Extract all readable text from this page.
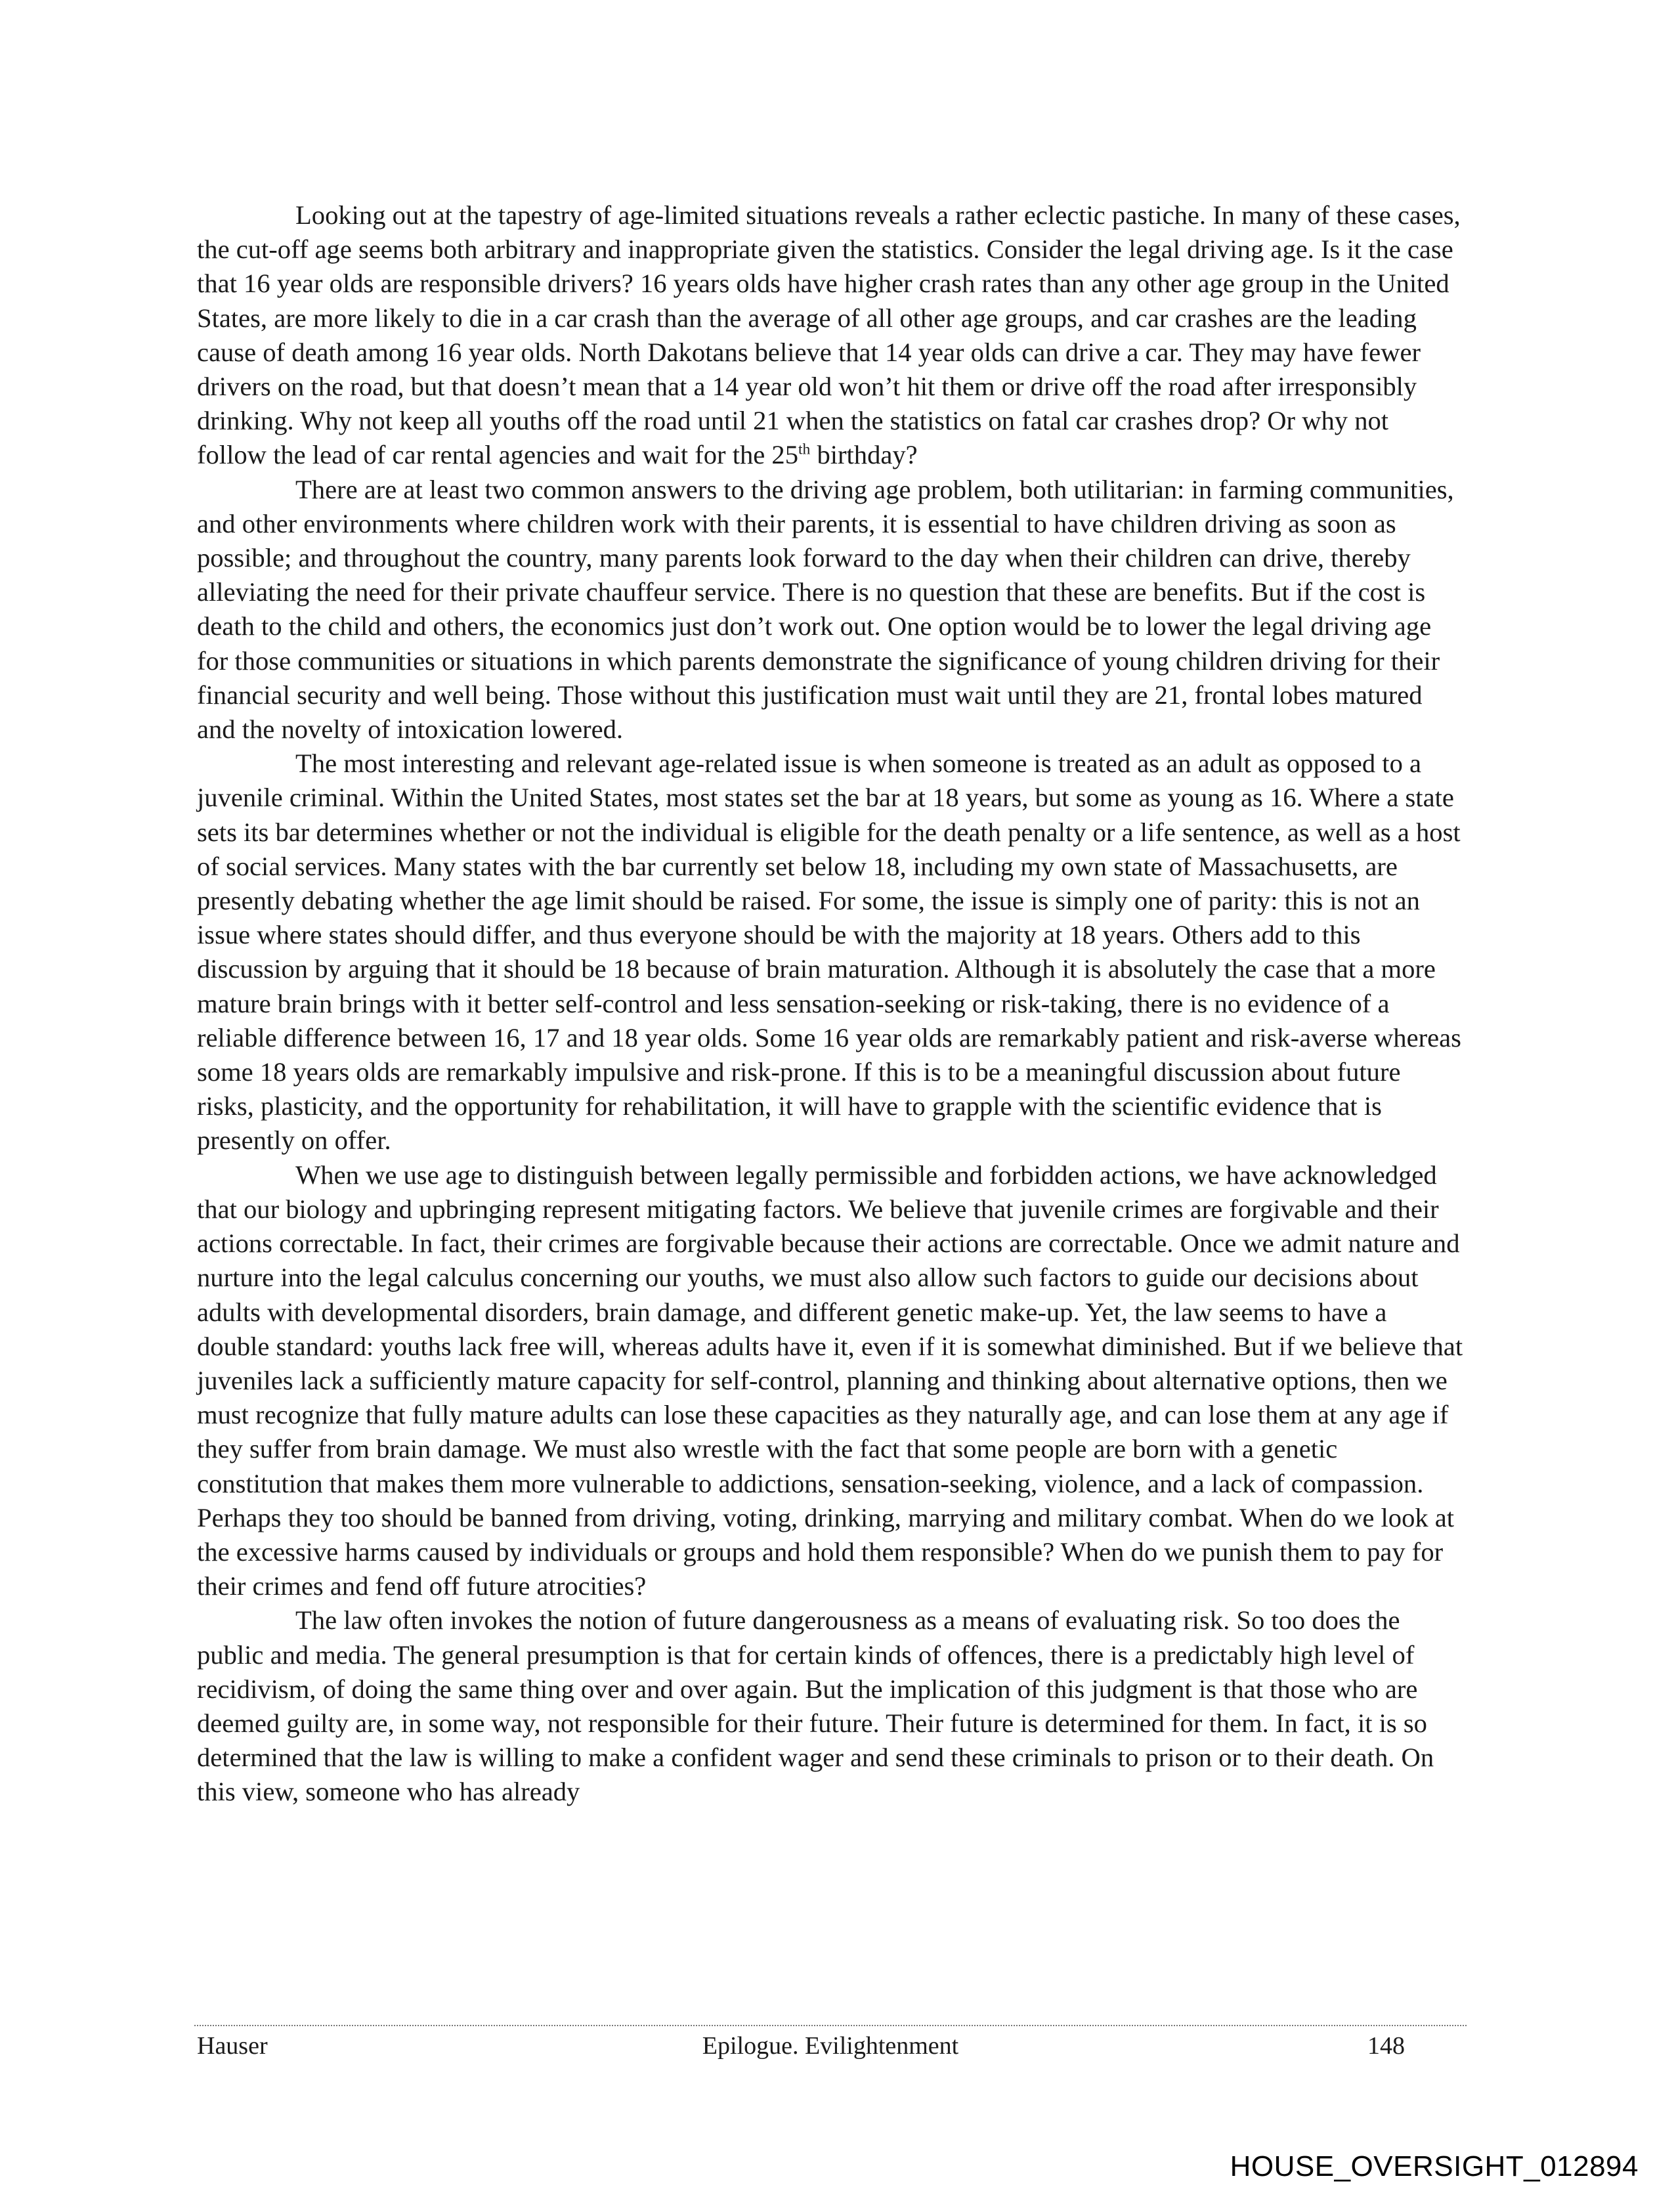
Looking out at the tapestry of age-limited situations reveals a rather eclectic pastiche. In many of these cases, the cut-off age seems both arbitrary and inappropriate given the statistics. Consider the legal driving age. Is it the case that 16 year olds are responsible drivers? 16 years olds have higher crash rates than any other age group in the United States, are more likely to die in a car crash than the average of all other age groups, and car crashes are the leading cause of death among 16 year olds. North Dakotans believe that 14 year olds can drive a car. They may have fewer drivers on the road, but that doesn’t mean that a 14 year old won’t hit them or drive off the road after irresponsibly drinking. Why not keep all youths off the road until 21 when the statistics on fatal car crashes drop? Or why not follow the lead of car rental agencies and wait for the 25th birthday?

There are at least two common answers to the driving age problem, both utilitarian: in farming communities, and other environments where children work with their parents, it is essential to have children driving as soon as possible; and throughout the country, many parents look forward to the day when their children can drive, thereby alleviating the need for their private chauffeur service. There is no question that these are benefits. But if the cost is death to the child and others, the economics just don’t work out. One option would be to lower the legal driving age for those communities or situations in which parents demonstrate the significance of young children driving for their financial security and well being. Those without this justification must wait until they are 21, frontal lobes matured and the novelty of intoxication lowered.

The most interesting and relevant age-related issue is when someone is treated as an adult as opposed to a juvenile criminal. Within the United States, most states set the bar at 18 years, but some as young as 16. Where a state sets its bar determines whether or not the individual is eligible for the death penalty or a life sentence, as well as a host of social services. Many states with the bar currently set below 18, including my own state of Massachusetts, are presently debating whether the age limit should be raised. For some, the issue is simply one of parity: this is not an issue where states should differ, and thus everyone should be with the majority at 18 years. Others add to this discussion by arguing that it should be 18 because of brain maturation. Although it is absolutely the case that a more mature brain brings with it better self-control and less sensation-seeking or risk-taking, there is no evidence of a reliable difference between 16, 17 and 18 year olds. Some 16 year olds are remarkably patient and risk-averse whereas some 18 years olds are remarkably impulsive and risk-prone. If this is to be a meaningful discussion about future risks, plasticity, and the opportunity for rehabilitation, it will have to grapple with the scientific evidence that is presently on offer.

When we use age to distinguish between legally permissible and forbidden actions, we have acknowledged that our biology and upbringing represent mitigating factors. We believe that juvenile crimes are forgivable and their actions correctable. In fact, their crimes are forgivable because their actions are correctable. Once we admit nature and nurture into the legal calculus concerning our youths, we must also allow such factors to guide our decisions about adults with developmental disorders, brain damage, and different genetic make-up. Yet, the law seems to have a double standard: youths lack free will, whereas adults have it, even if it is somewhat diminished. But if we believe that juveniles lack a sufficiently mature capacity for self-control, planning and thinking about alternative options, then we must recognize that fully mature adults can lose these capacities as they naturally age, and can lose them at any age if they suffer from brain damage. We must also wrestle with the fact that some people are born with a genetic constitution that makes them more vulnerable to addictions, sensation-seeking, violence, and a lack of compassion. Perhaps they too should be banned from driving, voting, drinking, marrying and military combat. When do we look at the excessive harms caused by individuals or groups and hold them responsible? When do we punish them to pay for their crimes and fend off future atrocities?

The law often invokes the notion of future dangerousness as a means of evaluating risk. So too does the public and media. The general presumption is that for certain kinds of offences, there is a predictably high level of recidivism, of doing the same thing over and over again. But the implication of this judgment is that those who are deemed guilty are, in some way, not responsible for their future. Their future is determined for them. In fact, it is so determined that the law is willing to make a confident wager and send these criminals to prison or to their death. On this view, someone who has already

Hauser	Epilogue. Evilightenment	148
HOUSE_OVERSIGHT_012894
